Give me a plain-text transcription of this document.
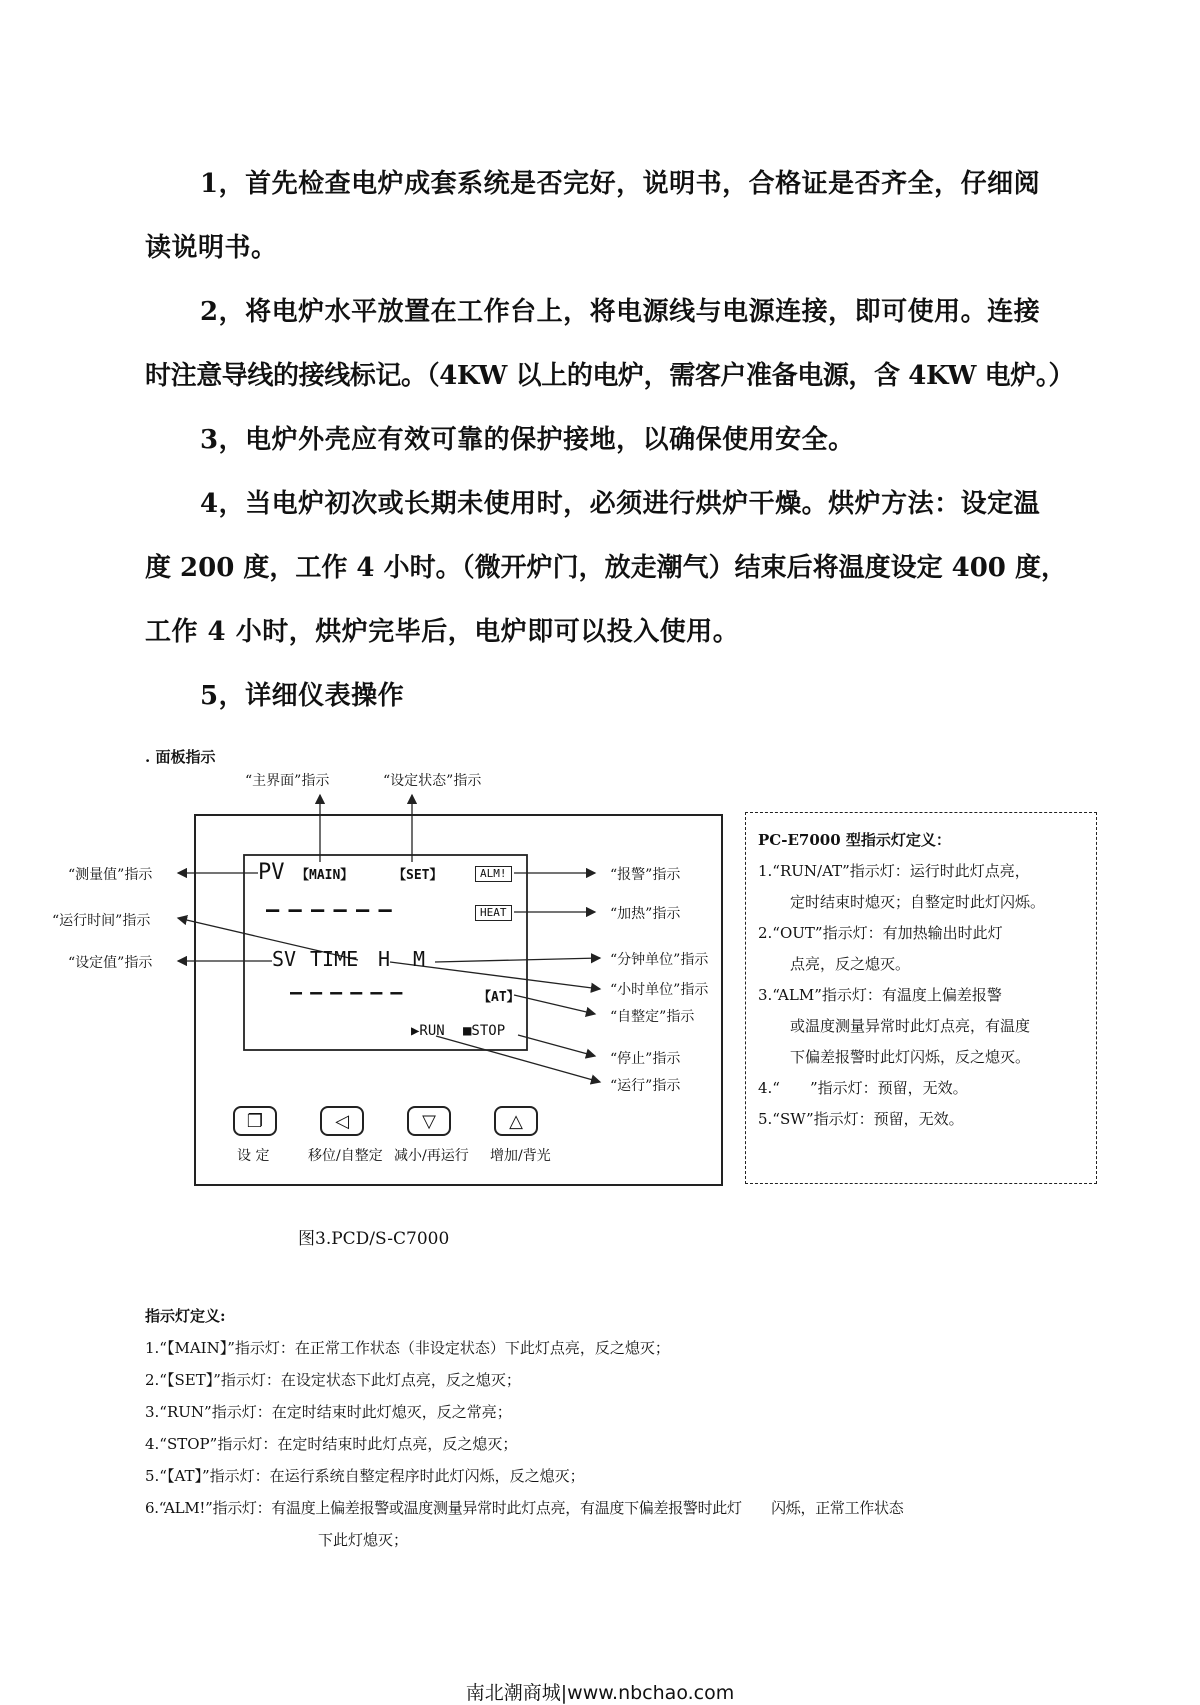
1，首先检查电炉成套系统是否完好，说明书，合格证是否齐全，仔细阅
读说明书。
2，将电炉水平放置在工作台上，将电源线与电源连接，即可使用。连接
时注意导线的接线标记。（4KW 以上的电炉，需客户准备电源，含 4KW 电炉。）
3，电炉外壳应有效可靠的保护接地，以确保使用安全。
4，当电炉初次或长期未使用时，必须进行烘炉干燥。烘炉方法：设定温
度 200 度，工作 4 小时。（微开炉门，放走潮气）结束后将温度设定 400 度，
工作 4 小时，烘炉完毕后，电炉即可以投入使用。
5，详细仪表操作
. 面板指示
“主界面”指示	“设定状态”指示
“测量值”指示
“运行时间”指示
“设定值”指示
“报警”指示
“加热”指示
“分钟单位”指示
“小时单位”指示
“自整定”指示
“停止”指示
“运行”指示
PV 【MAIN】	【SET】	ALM!
HEAT
— — — — — —
SV TIME H M
— — — — — —	【AT】
▶RUN ■STOP
❐	◁	▽	△
设 定	移位/自整定 减小/再运行 增加/背光
图3.PCD/S-C7000
PC-E7000 型指示灯定义：
1.“RUN/AT”指示灯：运行时此灯点亮，
定时结束时熄灭；自整定时此灯闪烁。
2.“OUT”指示灯：有加热输出时此灯
点亮，反之熄灭。
3.“ALM”指示灯：有温度上偏差报警
或温度测量异常时此灯点亮，有温度
下偏差报警时此灯闪烁，反之熄灭。
4.“　　”指示灯：预留，无效。
5.“SW”指示灯：预留，无效。
指示灯定义:
1.“【MAIN】”指示灯：在正常工作状态（非设定状态）下此灯点亮，反之熄灭；
2.“【SET】”指示灯：在设定状态下此灯点亮，反之熄灭；
3.“RUN”指示灯：在定时结束时此灯熄灭，反之常亮；
4.“STOP”指示灯：在定时结束时此灯点亮，反之熄灭；
5.“【AT】”指示灯：在运行系统自整定程序时此灯闪烁，反之熄灭；
6.“ALM!”指示灯：有温度上偏差报警或温度测量异常时此灯点亮，有温度下偏差报警时此灯　　闪烁，正常工作状态
下此灯熄灭；
南北潮商城|www.nbchao.com
